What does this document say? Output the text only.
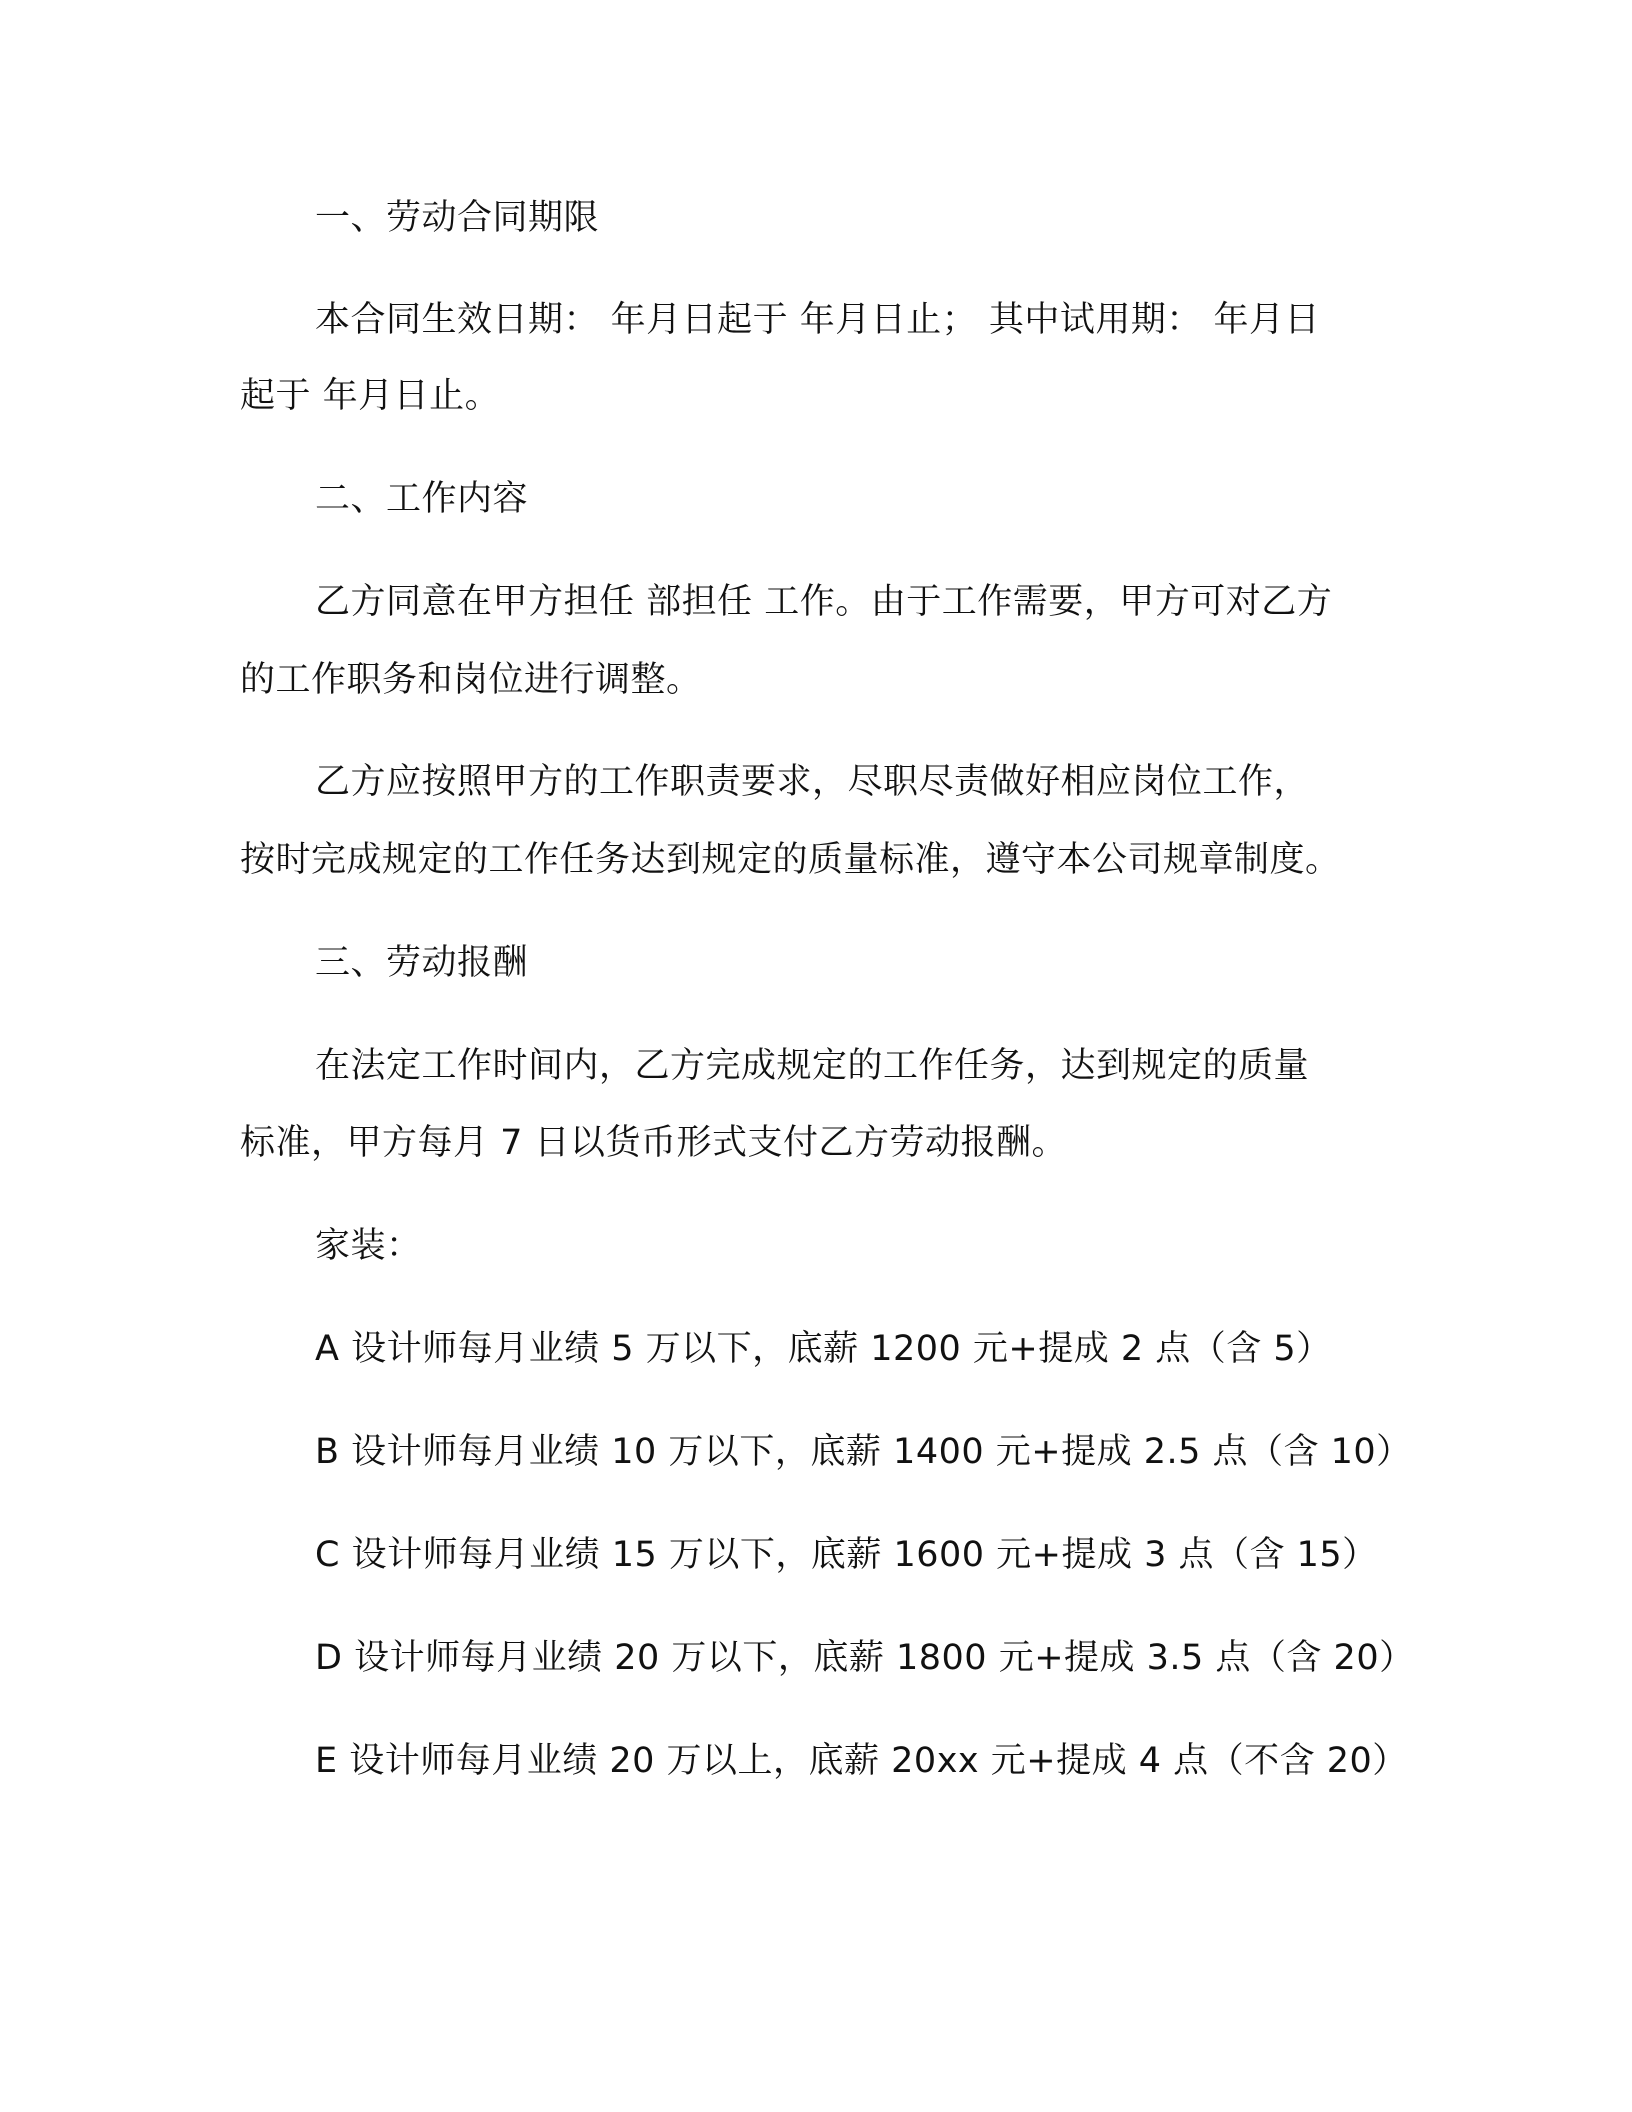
一、劳动合同期限
本合同生效日期： 年月日起于 年月日止； 其中试用期： 年月日
起于 年月日止。
二、工作内容
乙方同意在甲方担任 部担任 工作。由于工作需要，甲方可对乙方
的工作职务和岗位进行调整。
乙方应按照甲方的工作职责要求，尽职尽责做好相应岗位工作，
按时完成规定的工作任务达到规定的质量标准，遵守本公司规章制度。
三、劳动报酬
在法定工作时间内，乙方完成规定的工作任务，达到规定的质量
标准，甲方每月 7 日以货币形式支付乙方劳动报酬。
家装：
A 设计师每月业绩 5 万以下，底薪 1200 元+提成 2 点（含 5）
B 设计师每月业绩 10 万以下，底薪 1400 元+提成 2.5 点（含 10）
C 设计师每月业绩 15 万以下，底薪 1600 元+提成 3 点（含 15）
D 设计师每月业绩 20 万以下，底薪 1800 元+提成 3.5 点（含 20）
E 设计师每月业绩 20 万以上，底薪 20xx 元+提成 4 点（不含 20）
